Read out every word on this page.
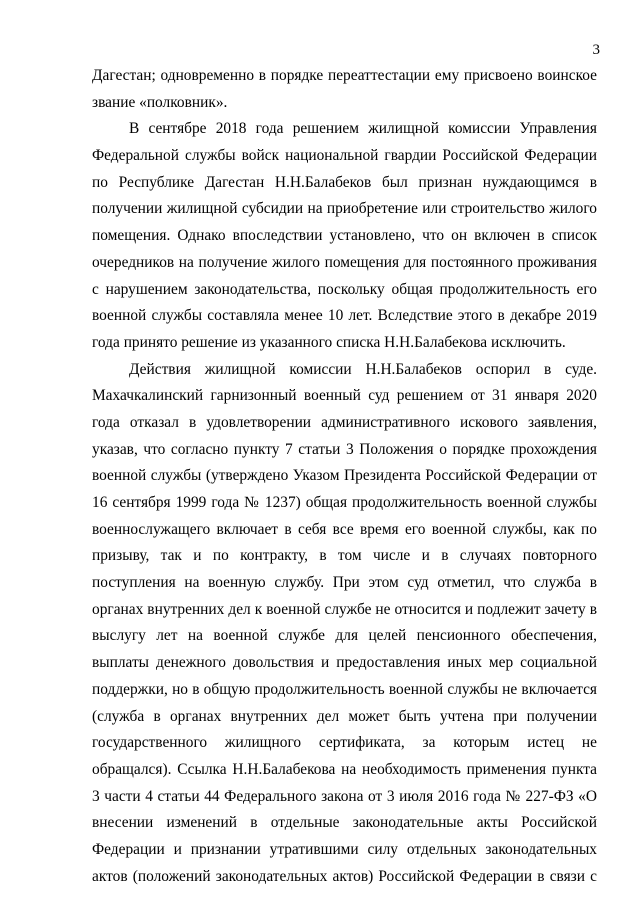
3
Дагестан; одновременно в порядке переаттестации ему присвоено воинское
звание «полковник».
В сентябре 2018 года решением жилищной комиссии Управления
Федеральной службы войск национальной гвардии Российской Федерации
по Республике Дагестан Н.Н.Балабеков был признан нуждающимся в
получении жилищной субсидии на приобретение или строительство жилого
помещения. Однако впоследствии установлено, что он включен в список
очередников на получение жилого помещения для постоянного проживания
с нарушением законодательства, поскольку общая продолжительность его
военной службы составляла менее 10 лет. Вследствие этого в декабре 2019
года принято решение из указанного списка Н.Н.Балабекова исключить.
Действия жилищной комиссии Н.Н.Балабеков оспорил в суде.
Махачкалинский гарнизонный военный суд решением от 31 января 2020
года отказал в удовлетворении административного искового заявления,
указав, что согласно пункту 7 статьи 3 Положения о порядке прохождения
военной службы (утверждено Указом Президента Российской Федерации от
16 сентября 1999 года № 1237) общая продолжительность военной службы
военнослужащего включает в себя все время его военной службы, как по
призыву, так и по контракту, в том числе и в случаях повторного
поступления на военную службу. При этом суд отметил, что служба в
органах внутренних дел к военной службе не относится и подлежит зачету в
выслугу лет на военной службе для целей пенсионного обеспечения,
выплаты денежного довольствия и предоставления иных мер социальной
поддержки, но в общую продолжительность военной службы не включается
(служба в органах внутренних дел может быть учтена при получении
государственного жилищного сертификата, за которым истец не
обращался). Ссылка Н.Н.Балабекова на необходимость применения пункта
3 части 4 статьи 44 Федерального закона от 3 июля 2016 года № 227-ФЗ «О
внесении изменений в отдельные законодательные акты Российской
Федерации и признании утратившими силу отдельных законодательных
актов (положений законодательных актов) Российской Федерации в связи с
